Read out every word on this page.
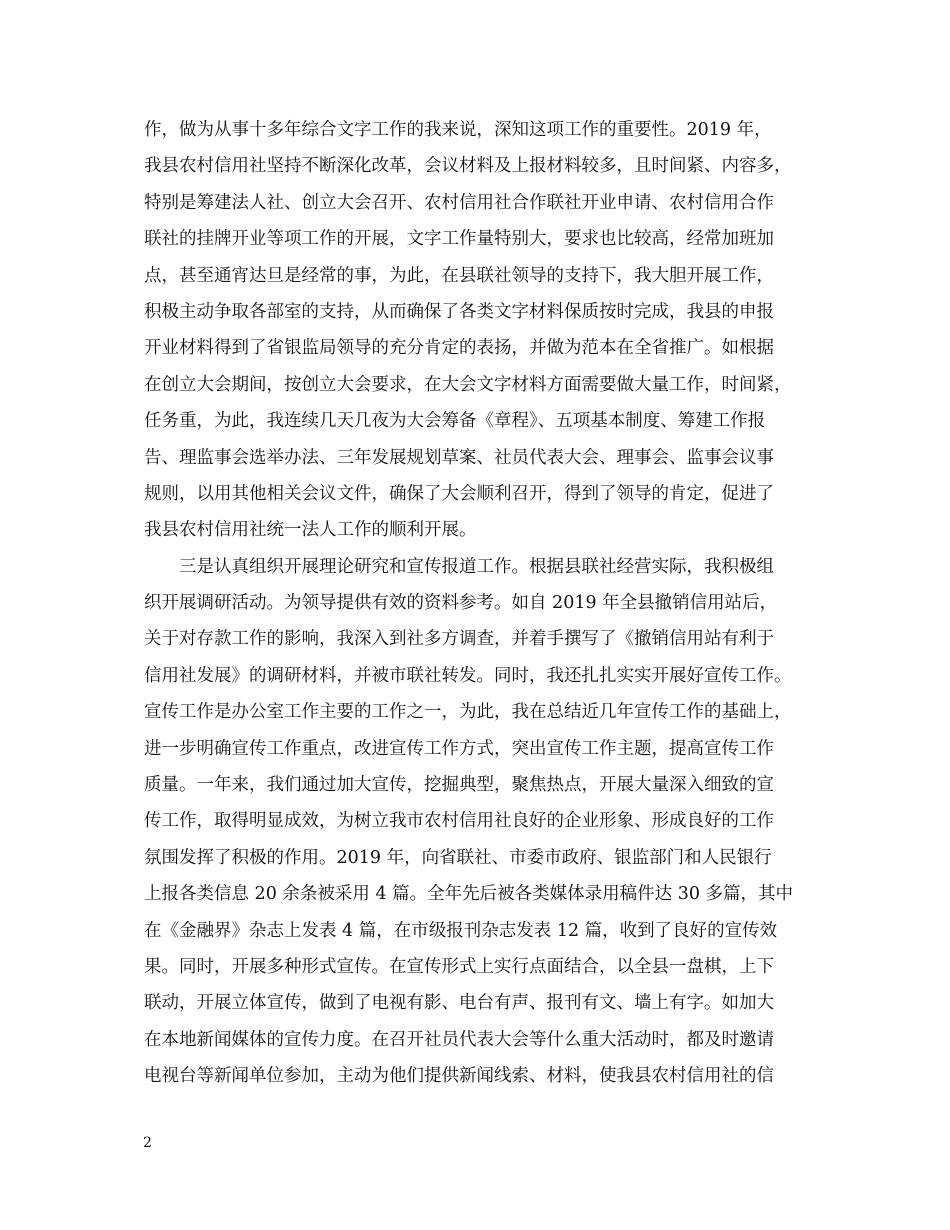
作，做为从事十多年综合文字工作的我来说，深知这项工作的重要性。2019 年，
我县农村信用社坚持不断深化改革，会议材料及上报材料较多，且时间紧、内容多，
特别是筹建法人社、创立大会召开、农村信用社合作联社开业申请、农村信用合作
联社的挂牌开业等项工作的开展，文字工作量特别大，要求也比较高，经常加班加
点，甚至通宵达旦是经常的事，为此，在县联社领导的支持下，我大胆开展工作，
积极主动争取各部室的支持，从而确保了各类文字材料保质按时完成，我县的申报
开业材料得到了省银监局领导的充分肯定的表扬，并做为范本在全省推广。如根据
在创立大会期间，按创立大会要求，在大会文字材料方面需要做大量工作，时间紧，
任务重，为此，我连续几天几夜为大会筹备《章程》、五项基本制度、筹建工作报
告、理监事会选举办法、三年发展规划草案、社员代表大会、理事会、监事会议事
规则，以用其他相关会议文件，确保了大会顺利召开，得到了领导的肯定，促进了
我县农村信用社统一法人工作的顺利开展。
　　三是认真组织开展理论研究和宣传报道工作。根据县联社经营实际，我积极组
织开展调研活动。为领导提供有效的资料参考。如自 2019 年全县撤销信用站后，
关于对存款工作的影响，我深入到社多方调查，并着手撰写了《撤销信用站有利于
信用社发展》的调研材料，并被市联社转发。同时，我还扎扎实实开展好宣传工作。
宣传工作是办公室工作主要的工作之一，为此，我在总结近几年宣传工作的基础上，
进一步明确宣传工作重点，改进宣传工作方式，突出宣传工作主题，提高宣传工作
质量。一年来，我们通过加大宣传，挖掘典型，聚焦热点，开展大量深入细致的宣
传工作，取得明显成效，为树立我市农村信用社良好的企业形象、形成良好的工作
氛围发挥了积极的作用。2019 年，向省联社、市委市政府、银监部门和人民银行
上报各类信息 20 余条被采用 4 篇。全年先后被各类媒体录用稿件达 30 多篇，其中
在《金融界》杂志上发表 4 篇，在市级报刊杂志发表 12 篇，收到了良好的宣传效
果。同时，开展多种形式宣传。在宣传形式上实行点面结合，以全县一盘棋，上下
联动，开展立体宣传，做到了电视有影、电台有声、报刊有文、墙上有字。如加大
在本地新闻媒体的宣传力度。在召开社员代表大会等什么重大活动时，都及时邀请
电视台等新闻单位参加，主动为他们提供新闻线索、材料，使我县农村信用社的信
2
